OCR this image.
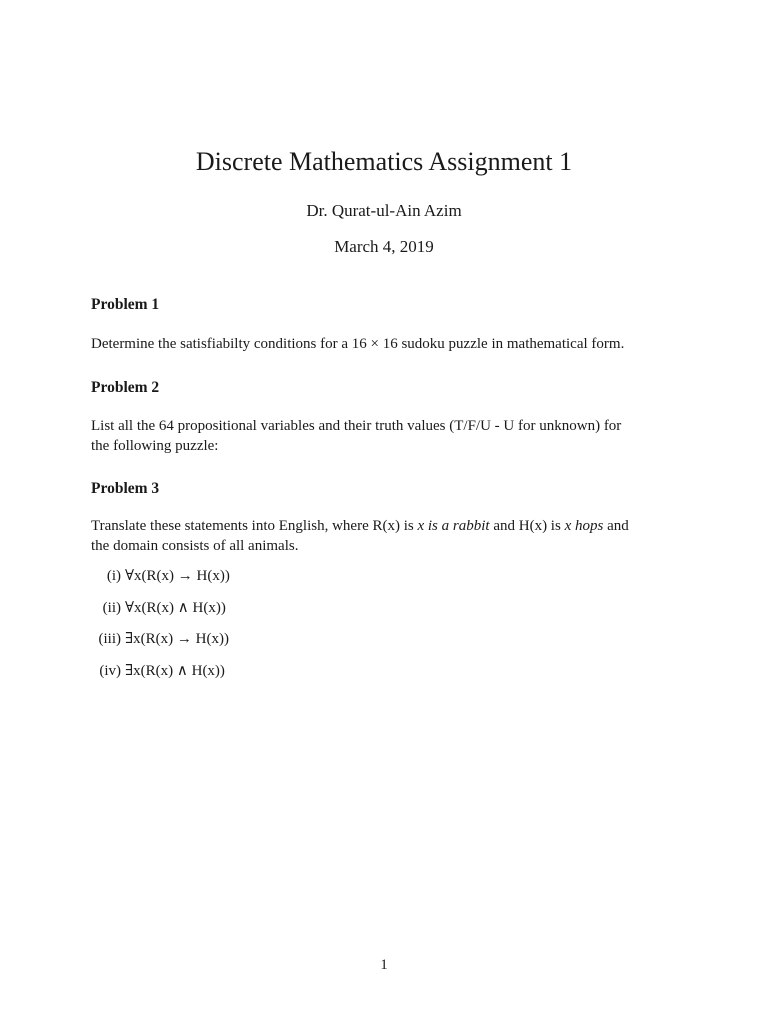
Discrete Mathematics Assignment 1
Dr. Qurat-ul-Ain Azim
March 4, 2019
Problem 1
Determine the satisfiabilty conditions for a 16 × 16 sudoku puzzle in mathematical form.
Problem 2
List all the 64 propositional variables and their truth values (T/F/U - U for unknown) for
the following puzzle:
Problem 3
Translate these statements into English, where R(x) is x is a rabbit and H(x) is x hops and
the domain consists of all animals.
(i) ∀x(R(x) → H(x))
(ii) ∀x(R(x) ∧ H(x))
(iii) ∃x(R(x) → H(x))
(iv) ∃x(R(x) ∧ H(x))
1
